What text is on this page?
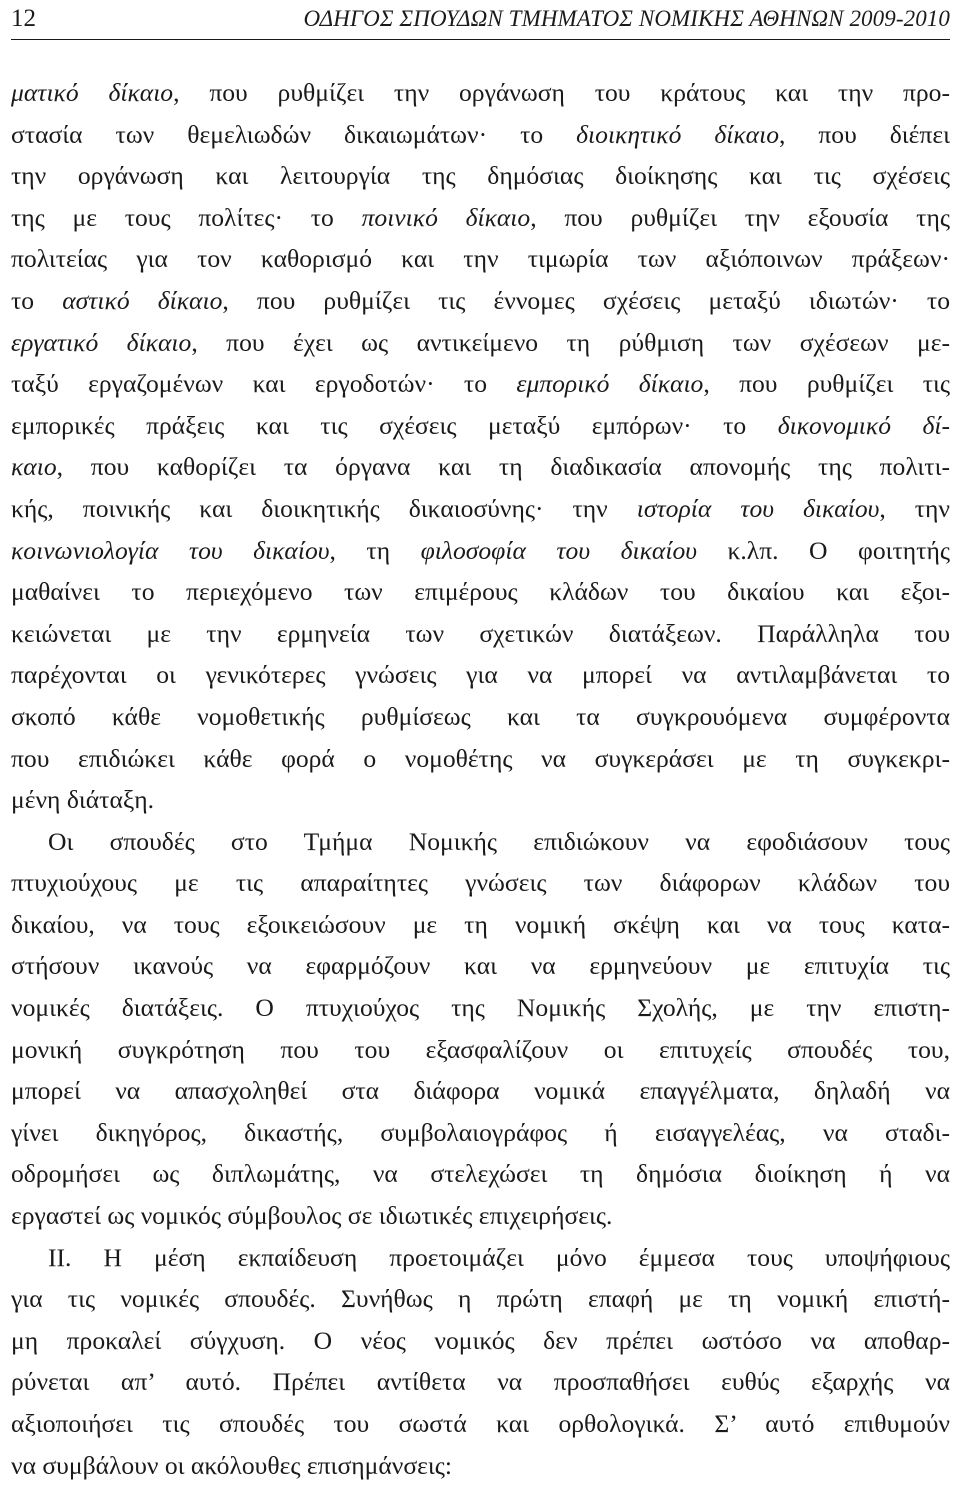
12	ΟΔΗΓΟΣ ΣΠΟΥΔΩΝ ΤΜΗΜΑΤΟΣ ΝΟΜΙΚΗΣ ΑΘΗΝΩΝ 2009-2010
ματικό δίκαιο, που ρυθμίζει την οργάνωση του κράτους και την προ-
στασία των θεμελιωδών δικαιωμάτων· το διοικητικό δίκαιο, που διέπει
την οργάνωση και λειτουργία της δημόσιας διοίκησης και τις σχέσεις
της με τους πολίτες· το ποινικό δίκαιο, που ρυθμίζει την εξουσία της
πολιτείας για τον καθορισμό και την τιμωρία των αξιόποινων πράξεων·
το αστικό δίκαιο, που ρυθμίζει τις έννομες σχέσεις μεταξύ ιδιωτών· το
εργατικό δίκαιο, που έχει ως αντικείμενο τη ρύθμιση των σχέσεων με-
ταξύ εργαζομένων και εργοδοτών· το εμπορικό δίκαιο, που ρυθμίζει τις
εμπορικές πράξεις και τις σχέσεις μεταξύ εμπόρων· το δικονομικό δί-
καιο, που καθορίζει τα όργανα και τη διαδικασία απονομής της πολιτι-
κής, ποινικής και διοικητικής δικαιοσύνης· την ιστορία του δικαίου, την
κοινωνιολογία του δικαίου, τη φιλοσοφία του δικαίου κ.λπ. Ο φοιτητής
μαθαίνει το περιεχόμενο των επιμέρους κλάδων του δικαίου και εξοι-
κειώνεται με την ερμηνεία των σχετικών διατάξεων. Παράλληλα του
παρέχονται οι γενικότερες γνώσεις για να μπορεί να αντιλαμβάνεται το
σκοπό κάθε νομοθετικής ρυθμίσεως και τα συγκρουόμενα συμφέροντα
που επιδιώκει κάθε φορά ο νομοθέτης να συγκεράσει με τη συγκεκρι-
μένη διάταξη.
Οι σπουδές στο Τμήμα Νομικής επιδιώκουν να εφοδιάσουν τους
πτυχιούχους με τις απαραίτητες γνώσεις των διάφορων κλάδων του
δικαίου, να τους εξοικειώσουν με τη νομική σκέψη και να τους κατα-
στήσουν ικανούς να εφαρμόζουν και να ερμηνεύουν με επιτυχία τις
νομικές διατάξεις. Ο πτυχιούχος της Νομικής Σχολής, με την επιστη-
μονική συγκρότηση που του εξασφαλίζουν οι επιτυχείς σπουδές του,
μπορεί να απασχοληθεί στα διάφορα νομικά επαγγέλματα, δηλαδή να
γίνει δικηγόρος, δικαστής, συμβολαιογράφος ή εισαγγελέας, να σταδι-
οδρομήσει ως διπλωμάτης, να στελεχώσει τη δημόσια διοίκηση ή να
εργαστεί ως νομικός σύμβουλος σε ιδιωτικές επιχειρήσεις.
ΙΙ. Η μέση εκπαίδευση προετοιμάζει μόνο έμμεσα τους υποψήφιους
για τις νομικές σπουδές. Συνήθως η πρώτη επαφή με τη νομική επιστή-
μη προκαλεί σύγχυση. Ο νέος νομικός δεν πρέπει ωστόσο να αποθαρ-
ρύνεται απ’ αυτό. Πρέπει αντίθετα να προσπαθήσει ευθύς εξαρχής να
αξιοποιήσει τις σπουδές του σωστά και ορθολογικά. Σ’ αυτό επιθυμούν
να συμβάλουν οι ακόλουθες επισημάνσεις:
